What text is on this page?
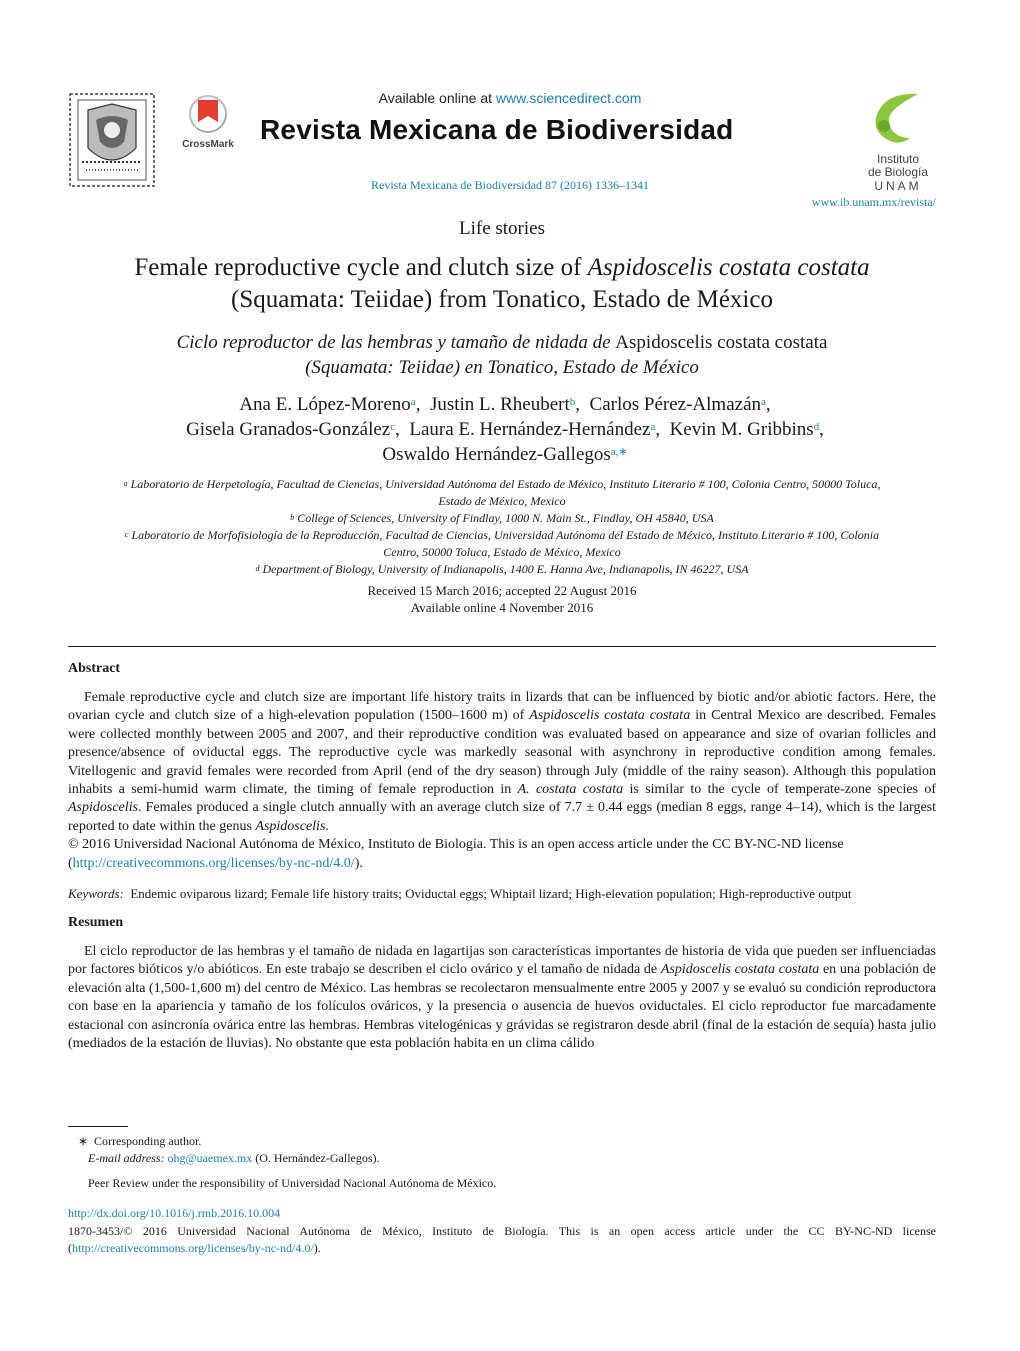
CrossMark
Available online at www.sciencedirect.com
Revista Mexicana de Biodiversidad
Revista Mexicana de Biodiversidad 87 (2016) 1336–1341
Instituto
de Biología
UNAM
www.ib.unam.mx/revista/
Life stories
Female reproductive cycle and clutch size of Aspidoscelis costata costata
(Squamata: Teiidae) from Tonatico, Estado de México
Ciclo reproductor de las hembras y tamaño de nidada de Aspidoscelis costata costata
(Squamata: Teiidae) en Tonatico, Estado de México
Ana E. López-Moreno$^a$, Justin L. Rheubert$^b$, Carlos Pérez-Almazán$^a$,
Gisela Granados-González$^c$, Laura E. Hernández-Hernández$^a$, Kevin M. Gribbins$^d$,
Oswaldo Hernández-Gallegos$^{a,∗}$
$^a$ Laboratorio de Herpetología, Facultad de Ciencias, Universidad Autónoma del Estado de México, Instituto Literario # 100, Colonia Centro, 50000 Toluca,
Estado de México, Mexico
$^b$ College of Sciences, University of Findlay, 1000 N. Main St., Findlay, OH 45840, USA
$^c$ Laboratorio de Morfofisiología de la Reproducción, Facultad de Ciencias, Universidad Autónoma del Estado de México, Instituto Literario # 100, Colonia
Centro, 50000 Toluca, Estado de México, Mexico
$^d$ Department of Biology, University of Indianapolis, 1400 E. Hanna Ave, Indianapolis, IN 46227, USA
Received 15 March 2016; accepted 22 August 2016
Available online 4 November 2016
Abstract
Female reproductive cycle and clutch size are important life history traits in lizards that can be influenced by biotic and/or abiotic factors. Here, the ovarian cycle and clutch size of a high-elevation population (1500–1600 m) of Aspidoscelis costata costata in Central Mexico are described. Females were collected monthly between 2005 and 2007, and their reproductive condition was evaluated based on appearance and size of ovarian follicles and presence/absence of oviductal eggs. The reproductive cycle was markedly seasonal with asynchrony in reproductive condition among females. Vitellogenic and gravid females were recorded from April (end of the dry season) through July (middle of the rainy season). Although this population inhabits a semi-humid warm climate, the timing of female reproduction in A. costata costata is similar to the cycle of temperate-zone species of Aspidoscelis. Females produced a single clutch annually with an average clutch size of 7.7 ± 0.44 eggs (median 8 eggs, range 4–14), which is the largest reported to date within the genus Aspidoscelis.
© 2016 Universidad Nacional Autónoma de México, Instituto de Biología. This is an open access article under the CC BY-NC-ND license
(http://creativecommons.org/licenses/by-nc-nd/4.0/).
Keywords: Endemic oviparous lizard; Female life history traits; Oviductal eggs; Whiptail lizard; High-elevation population; High-reproductive output
Resumen
El ciclo reproductor de las hembras y el tamaño de nidada en lagartijas son características importantes de historia de vida que pueden ser influenciadas por factores bióticos y/o abióticos. En este trabajo se describen el ciclo ovárico y el tamaño de nidada de Aspidoscelis costata costata en una población de elevación alta (1,500-1,600 m) del centro de México. Las hembras se recolectaron mensualmente entre 2005 y 2007 y se evaluó su condición reproductora con base en la apariencia y tamaño de los folículos ováricos, y la presencia o ausencia de huevos oviductales. El ciclo reproductor fue marcadamente estacional con asincronía ovárica entre las hembras. Hembras vitelogénicas y grávidas se registraron desde abril (final de la estación de sequía) hasta julio (mediados de la estación de lluvias). No obstante que esta población habita en un clima cálido
∗ Corresponding author.
E-mail address: ohg@uaemex.mx (O. Hernández-Gallegos).
Peer Review under the responsibility of Universidad Nacional Autónoma de México.
http://dx.doi.org/10.1016/j.rmb.2016.10.004
1870-3453/© 2016 Universidad Nacional Autónoma de México, Instituto de Biología. This is an open access article under the CC BY-NC-ND license
(http://creativecommons.org/licenses/by-nc-nd/4.0/).
